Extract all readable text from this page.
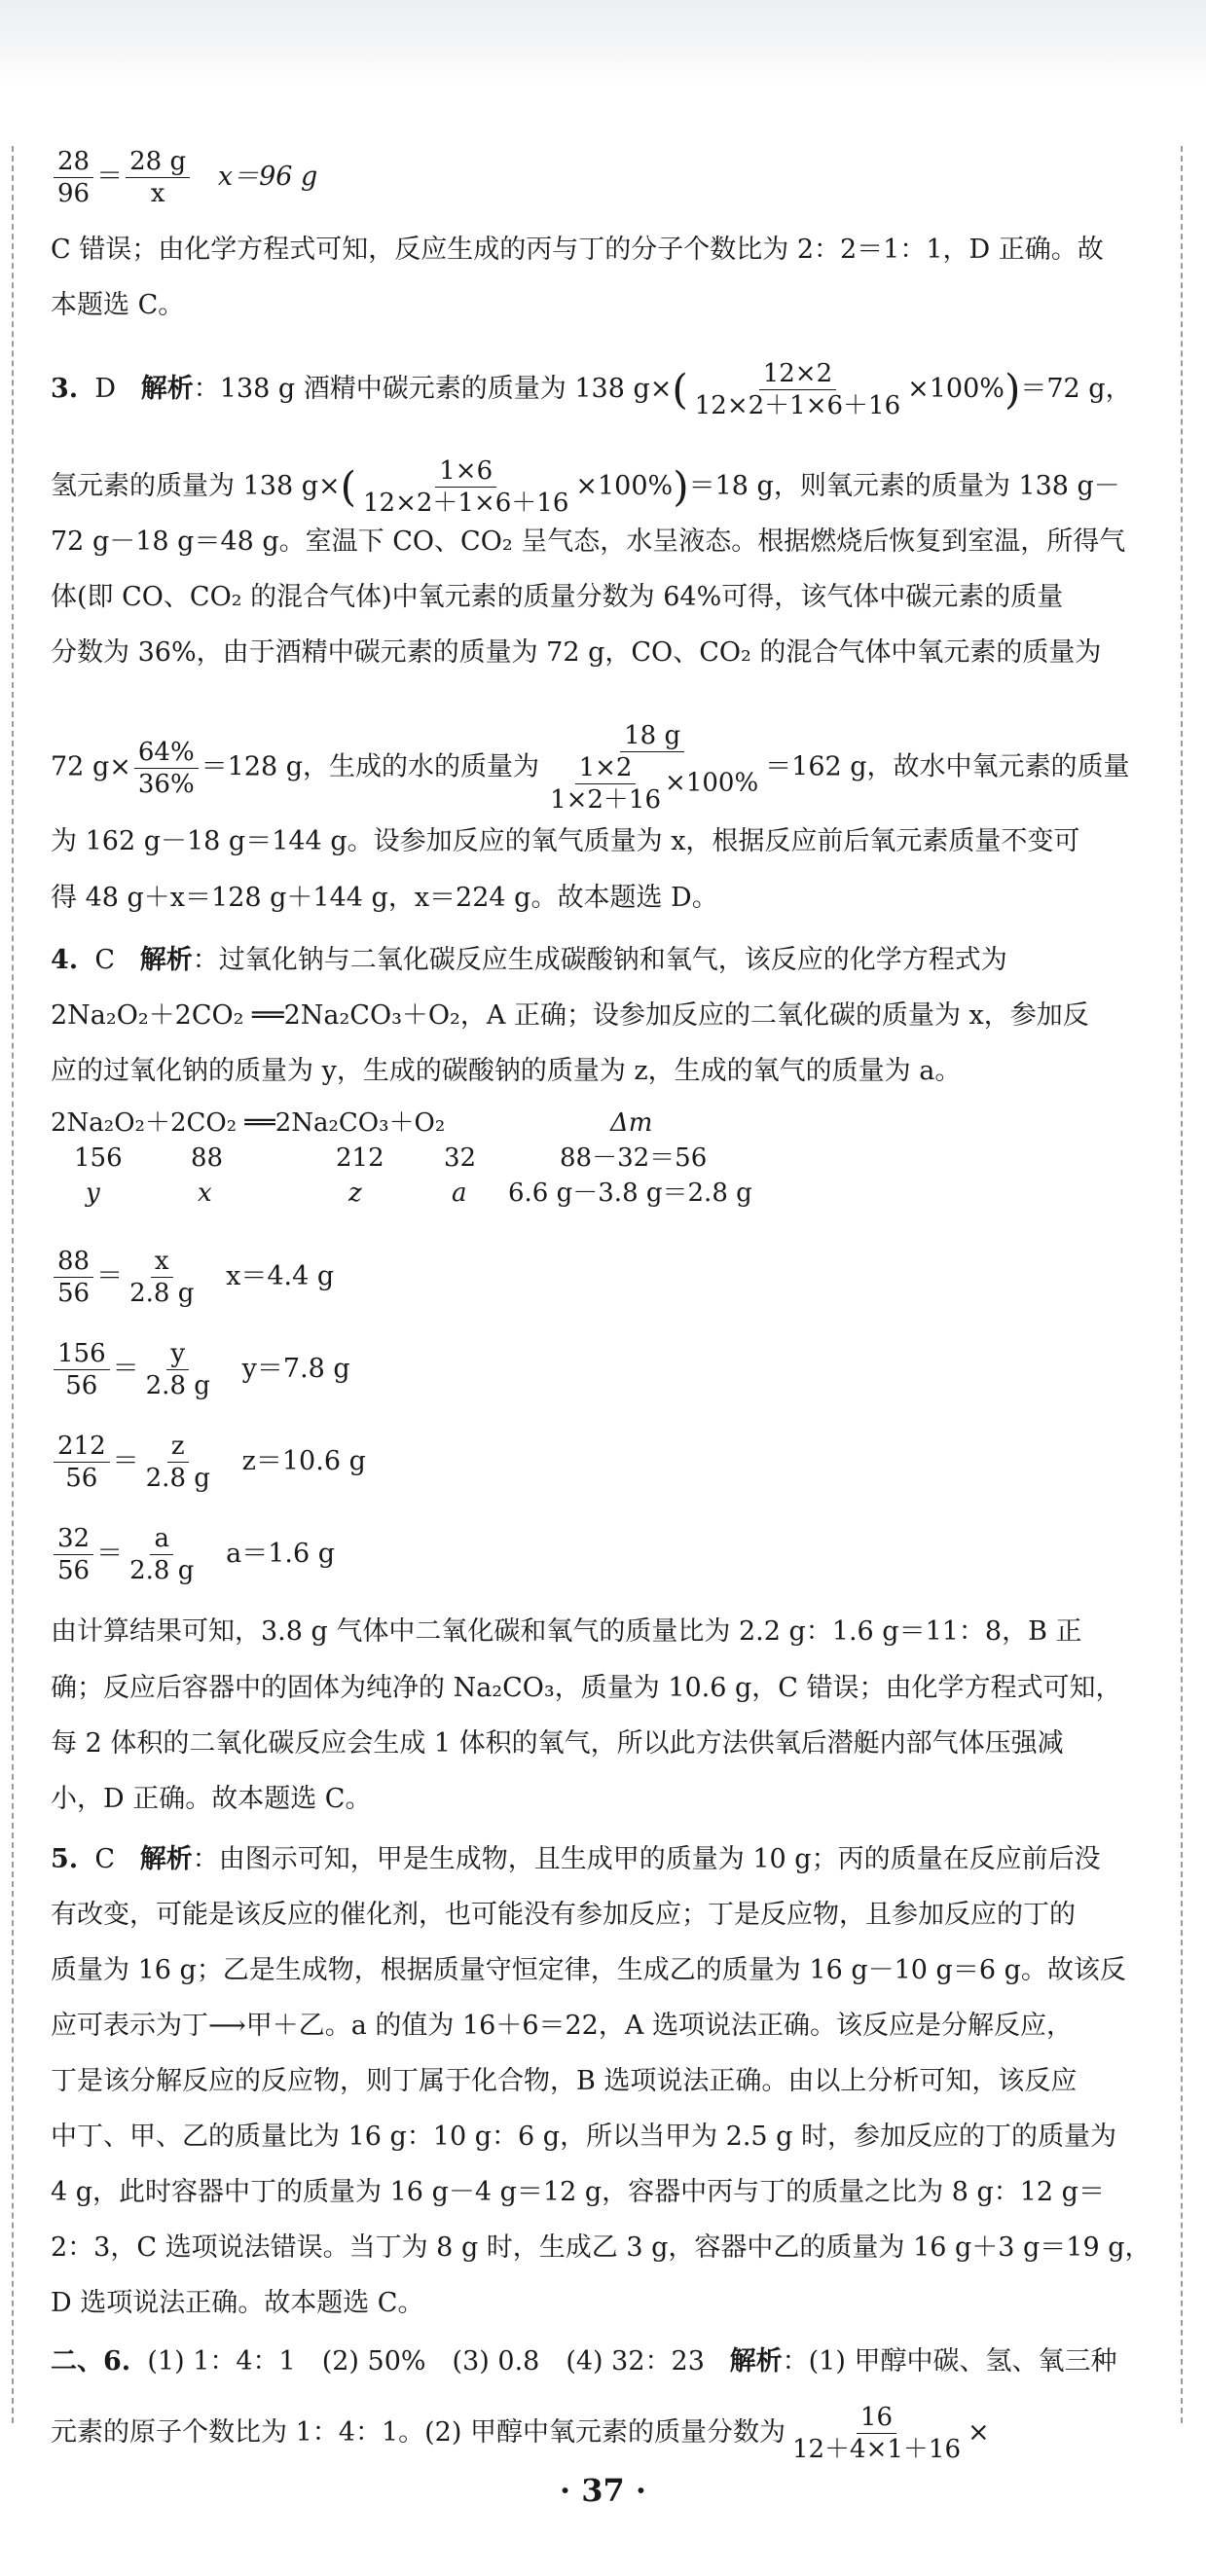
$\frac{28}{96} = \frac{28 g}{x} x=96$ g
C 错误；由化学方程式可知，反应生成的丙与丁的分子个数比为 2：2＝1：1，D 正确。故
本题选 C。
3. D 解析：138 g 酒精中碳元素的质量为 138 $g\times( \frac{12\times 2}{12\times 2+1\times 6+16} \times 100\%)=72$ g，
氢元素的质量为 138 $g\times( \frac{1\times 6}{12\times 2+1\times 6+16} \times 100\%)=18$ g，则氧元素的质量为 138 g－
72 g－18 g＝48 g。室温下 CO、CO₂ 呈气态，水呈液态。根据燃烧后恢复到室温，所得气
体(即 CO、CO₂ 的混合气体)中氧元素的质量分数为 64%可得，该气体中碳元素的质量
分数为 36%，由于酒精中碳元素的质量为 72 g，CO、CO₂ 的混合气体中氧元素的质量为
72 $g\times \frac{64\%}{36\%} =128$ g，生成的水的质量为 $\frac{18 g}{\frac{1\times 2}{1\times 2+16} \times 100\%} =162$ g，故水中氧元素的质量
为 162 g－18 g＝144 g。设参加反应的氧气质量为 x，根据反应前后氧元素质量不变可
得 48 g＋x＝128 g＋144 g，x＝224 g。故本题选 D。
4. C 解析：过氧化钠与二氧化碳反应生成碳酸钠和氧气，该反应的化学方程式为
2Na₂O₂＋2CO₂ ══2Na₂CO₃＋O₂，A 正确；设参加反应的二氧化碳的质量为 x，参加反
应的过氧化钠的质量为 y，生成的碳酸钠的质量为 z，生成的氧气的质量为 a。
2Na₂O₂＋2CO₂ ══2Na₂CO₃＋O₂	Δm
156	88	212 32	88－32＝56
y	x	z	a 6.6 g－3.8 g＝2.8 g
$\frac{88}{56} = \frac{x}{2.8 g} x=4.4$ g
$\frac{156}{56} = \frac{y}{2.8 g} y=7.8$ g
$\frac{212}{56} = \frac{z}{2.8 g} z=10.6$ g
$\frac{32}{56} = \frac{a}{2.8 g} a=1.6$ g
由计算结果可知，3.8 g 气体中二氧化碳和氧气的质量比为 2.2 g：1.6 g＝11：8，B 正
确；反应后容器中的固体为纯净的 Na₂CO₃，质量为 10.6 g，C 错误；由化学方程式可知，
每 2 体积的二氧化碳反应会生成 1 体积的氧气，所以此方法供氧后潜艇内部气体压强减
小，D 正确。故本题选 C。
5. C 解析：由图示可知，甲是生成物，且生成甲的质量为 10 g；丙的质量在反应前后没
有改变，可能是该反应的催化剂，也可能没有参加反应；丁是反应物，且参加反应的丁的
质量为 16 g；乙是生成物，根据质量守恒定律，生成乙的质量为 16 g－10 g＝6 g。故该反
应可表示为丁⟶甲＋乙。a 的值为 16＋6＝22，A 选项说法正确。该反应是分解反应，
丁是该分解反应的反应物，则丁属于化合物，B 选项说法正确。由以上分析可知，该反应
中丁、甲、乙的质量比为 16 g：10 g：6 g，所以当甲为 2.5 g 时，参加反应的丁的质量为
4 g，此时容器中丁的质量为 16 g－4 g＝12 g，容器中丙与丁的质量之比为 8 g：12 g＝
2：3，C 选项说法错误。当丁为 8 g 时，生成乙 3 g，容器中乙的质量为 16 g＋3 g＝19 g，
D 选项说法正确。故本题选 C。
二、6. (1) 1：4：1　(2) 50%　(3) 0.8　(4) 32：23 解析：(1) 甲醇中碳、氢、氧三种
元素的原子个数比为 1：4：1。(2) 甲醇中氧元素的质量分数为 $\frac{16}{12+4\times 1+16}$ ×
· 37 ·
